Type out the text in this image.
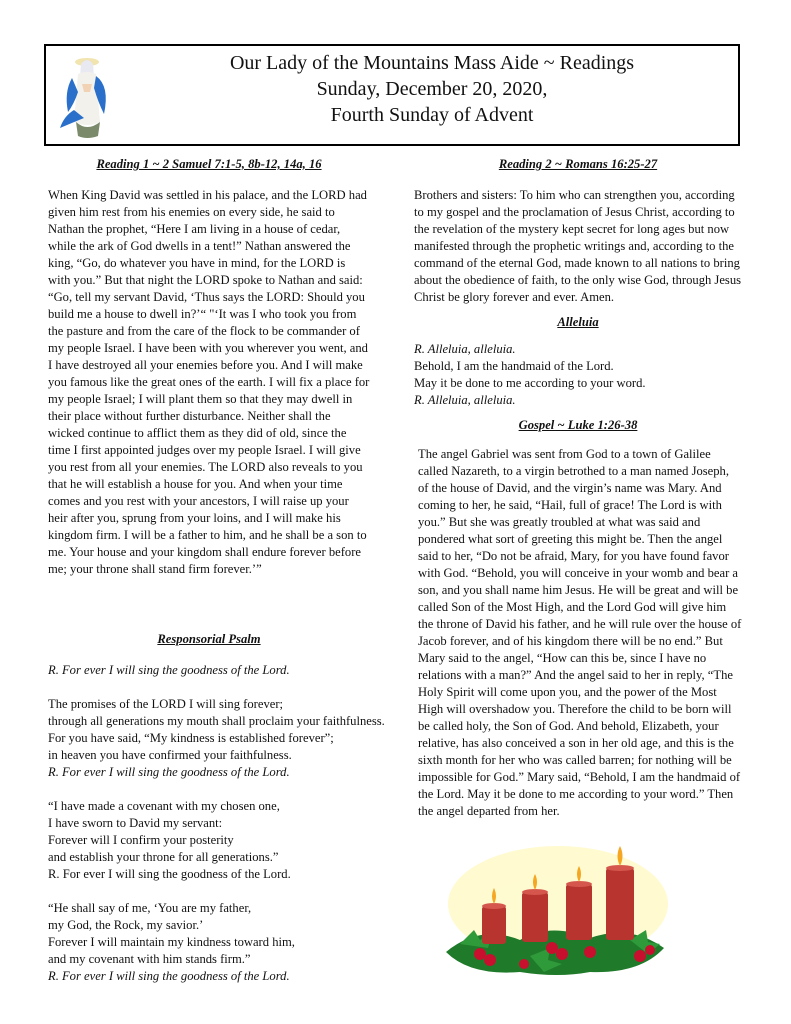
Our Lady of the Mountains Mass Aide ~ Readings
Sunday, December 20, 2020,
Fourth Sunday of Advent

Reading 1 ~ 2 Samuel 7:1-5, 8b-12, 14a, 16

When King David was settled in his palace, and the LORD had given him rest from his enemies on every side, he said to Nathan the prophet, “Here I am living in a house of cedar, while the ark of God dwells in a tent!” Nathan answered the king, “Go, do whatever you have in mind, for the LORD is with you.” But that night the LORD spoke to Nathan and said: “Go, tell my servant David, ‘Thus says the LORD: Should you build me a house to dwell in?’“ "‘It was I who took you from the pasture and from the care of the flock to be commander of my people Israel. I have been with you wherever you went, and I have destroyed all your enemies before you. And I will make you famous like the great ones of the earth. I will fix a place for my people Israel; I will plant them so that they may dwell in their place without further disturbance. Neither shall the wicked continue to afflict them as they did of old, since the time I first appointed judges over my people Israel. I will give you rest from all your enemies. The LORD also reveals to you that he will establish a house for you. And when your time comes and you rest with your ancestors, I will raise up your heir after you, sprung from your loins, and I will make his kingdom firm. I will be a father to him, and he shall be a son to me. Your house and your kingdom shall endure forever before me; your throne shall stand firm forever.’”

Responsorial Psalm

R. For ever I will sing the goodness of the Lord.

The promises of the LORD I will sing forever;
through all generations my mouth shall proclaim your faithfulness.
For you have said, “My kindness is established forever”;
in heaven you have confirmed your faithfulness.
R. For ever I will sing the goodness of the Lord.
“I have made a covenant with my chosen one,
I have sworn to David my servant:
Forever will I confirm your posterity
and establish your throne for all generations.”
R. For ever I will sing the goodness of the Lord.
“He shall say of me, ‘You are my father,
my God, the Rock, my savior.’
Forever I will maintain my kindness toward him,
and my covenant with him stands firm.”
R. For ever I will sing the goodness of the Lord.

Reading 2 ~ Romans 16:25-27

Brothers and sisters: To him who can strengthen you, according to my gospel and the proclamation of Jesus Christ, according to the revelation of the mystery kept secret for long ages but now manifested through the prophetic writings and, according to the command of the eternal God, made known to all nations to bring about the obedience of faith, to the only wise God, through Jesus Christ be glory forever and ever. Amen.

Alleluia

R. Alleluia, alleluia.
Behold, I am the handmaid of the Lord.
May it be done to me according to your word.
R. Alleluia, alleluia.

Gospel ~ Luke 1:26-38

The angel Gabriel was sent from God to a town of Galilee called Nazareth, to a virgin betrothed to a man named Joseph, of the house of David, and the virgin’s name was Mary. And coming to her, he said, “Hail, full of grace! The Lord is with you.” But she was greatly troubled at what was said and pondered what sort of greeting this might be. Then the angel said to her, “Do not be afraid, Mary, for you have found favor with God. “Behold, you will conceive in your womb and bear a son, and you shall name him Jesus. He will be great and will be called Son of the Most High, and the Lord God will give him the throne of David his father, and he will rule over the house of Jacob forever, and of his kingdom there will be no end.” But Mary said to the angel, “How can this be, since I have no relations with a man?” And the angel said to her in reply, “The Holy Spirit will come upon you, and the power of the Most High will overshadow you. Therefore the child to be born will be called holy, the Son of God. And behold, Elizabeth, your relative, has also conceived a son in her old age, and this is the sixth month for her who was called barren; for nothing will be impossible for God.” Mary said, “Behold, I am the handmaid of the Lord. May it be done to me according to your word.” Then the angel departed from her.
